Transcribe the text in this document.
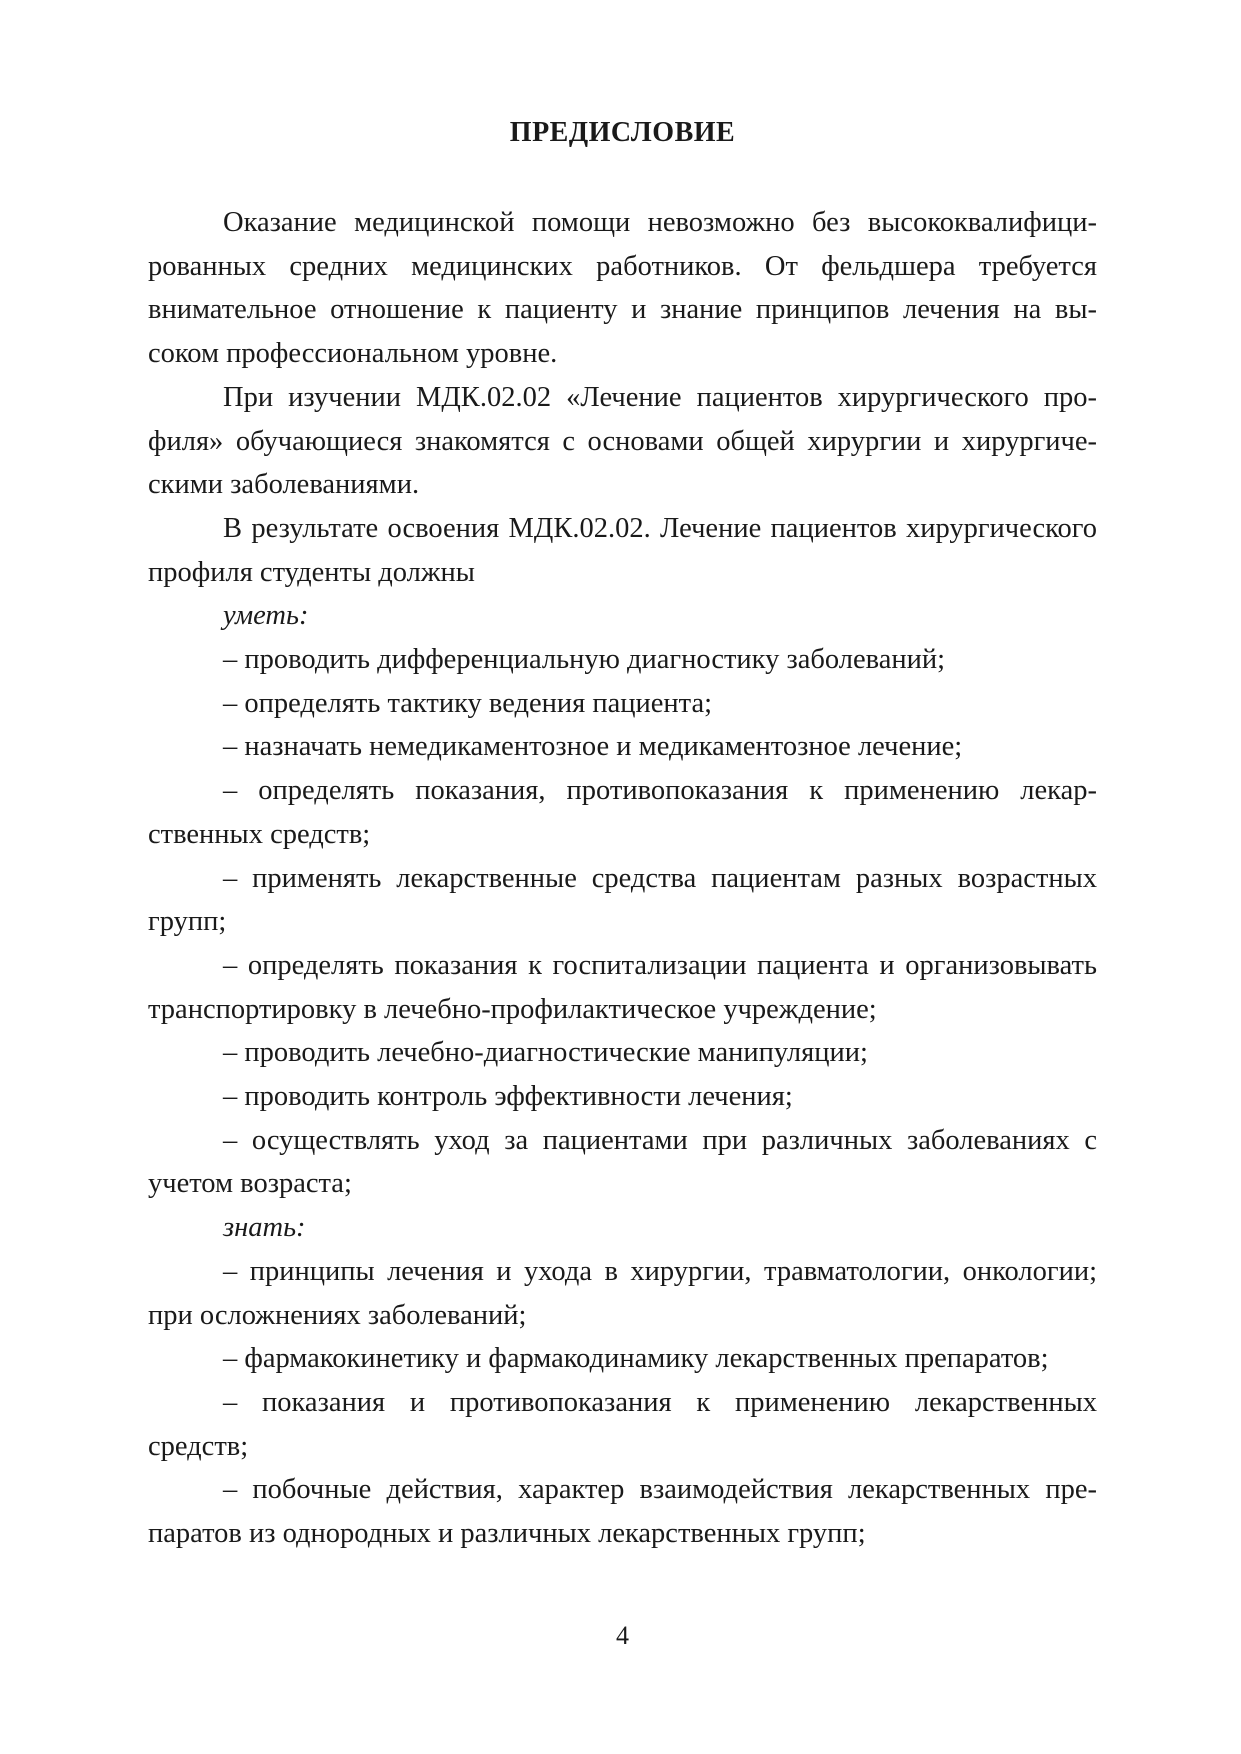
ПРЕДИСЛОВИЕ

Оказание медицинской помощи невозможно без высококвалифицированных средних медицинских работников. От фельдшера требуется внимательное отношение к пациенту и знание принципов лечения на высоком профессиональном уровне.

При изучении МДК.02.02 «Лечение пациентов хирургического профиля» обучающиеся знакомятся с основами общей хирургии и хирургическими заболеваниями.

В результате освоения МДК.02.02. Лечение пациентов хирургического профиля студенты должны

уметь:

– проводить дифференциальную диагностику заболеваний;

– определять тактику ведения пациента;

– назначать немедикаментозное и медикаментозное лечение;

– определять показания, противопоказания к применению лекарственных средств;

– применять лекарственные средства пациентам разных возрастных групп;

– определять показания к госпитализации пациента и организовывать транспортировку в лечебно-профилактическое учреждение;

– проводить лечебно-диагностические манипуляции;

– проводить контроль эффективности лечения;

– осуществлять уход за пациентами при различных заболеваниях с учетом возраста;

знать:

– принципы лечения и ухода в хирургии, травматологии, онкологии; при осложнениях заболеваний;

– фармакокинетику и фармакодинамику лекарственных препаратов;

– показания и противопоказания к применению лекарственных средств;

– побочные действия, характер взаимодействия лекарственных препаратов из однородных и различных лекарственных групп;

4
